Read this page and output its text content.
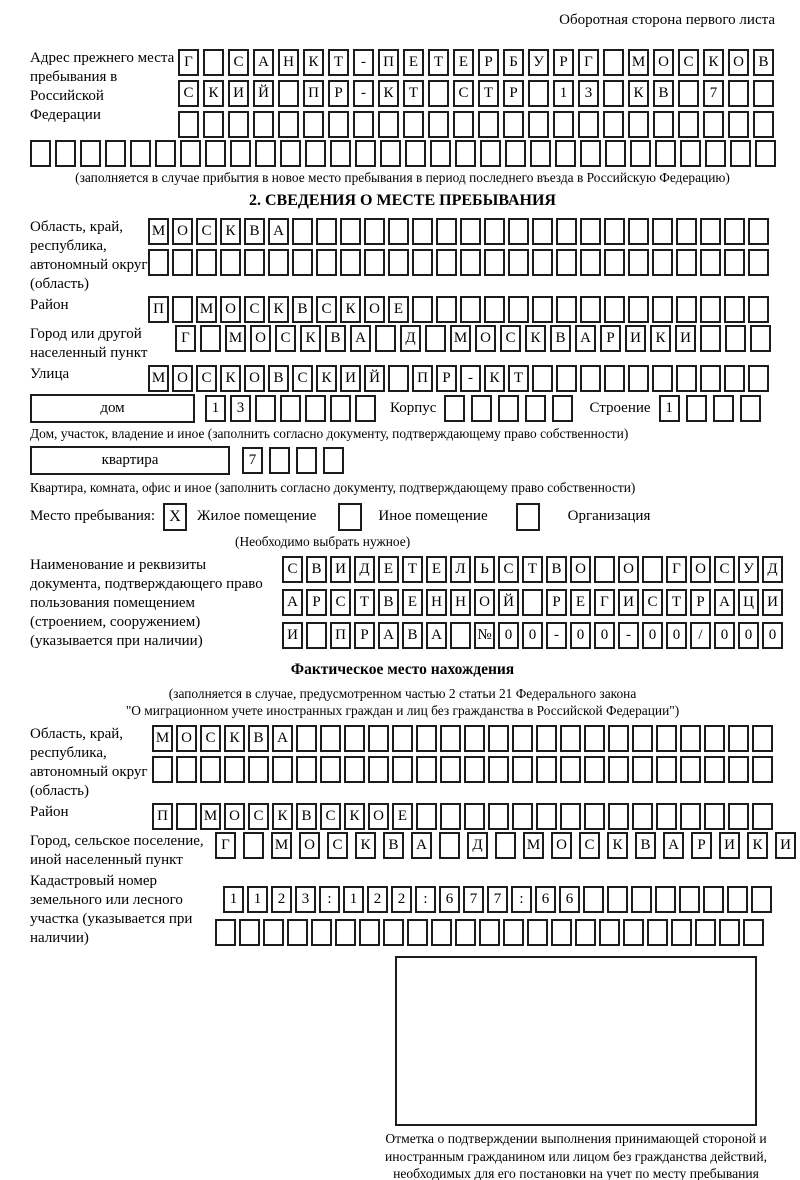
Оборотная сторона первого листа
Адрес прежнего места пребывания в Российской Федерации
Г	С А Н К	Т	-	П Е	Т	Е	Р	Б	У	Р	Г	М О С К О В
С К И Й	П	Р	-	К	Т	С	Т	Р	1	3	К В	7
(заполняется в случае прибытия в новое место пребывания в период последнего въезда в Российскую Федерацию)
2. СВЕДЕНИЯ О МЕСТЕ ПРЕБЫВАНИЯ
Область, край, республика, автономный округ (область)
М О С К В А
Район	П	М О С К В С К О Е
Город или другой населенный пункт
Г	М О С К В А	Д	М О С К В А	Р	И К И
Улица	М О С К О В С К И Й	П Р	-	К Т
дом	1	3	Корпус	Строение 1
Дом, участок, владение и иное (заполнить согласно документу, подтверждающему право собственности)
квартира	7
Квартира, комната, офис и иное (заполнить согласно документу, подтверждающему право собственности)
Место пребывания: X	Жилое помещение	Иное помещение	Организация
(Необходимо выбрать нужное)
Наименование и реквизиты документа, подтверждающего право пользования помещением (строением, сооружением) (указывается при наличии)
С В И Д Е Т Е Л Ь С Т В О	О	Г О С У Д
А Р С Т В Е Н Н О Й	Р	Е	Г И С Т	Р А Ц И
И	П Р А В А	№ 0	0	-	0	0	-	0	0	/	0	0	0
Фактическое место нахождения
(заполняется в случае, предусмотренном частью 2 статьи 21 Федерального закона
"О миграционном учете иностранных граждан и лиц без гражданства в Российской Федерации")
Область, край, республика, автономный округ (область)
М О С К В А
Район	П	М О С К В С К О Е
Город, сельское поселение, иной населенный пункт
Г	М	О	С	К	В	А	Д	М	О	С	К	В	А	Р	И	К	И
Кадастровый номер земельного или лесного участка (указывается при наличии)
1	1	2	3	:	1	2	2	:	6	7	7	:	6	6
Отметка о подтверждении выполнения принимающей стороной и иностранным гражданином или лицом без гражданства действий, необходимых для его постановки на учет по месту пребывания
